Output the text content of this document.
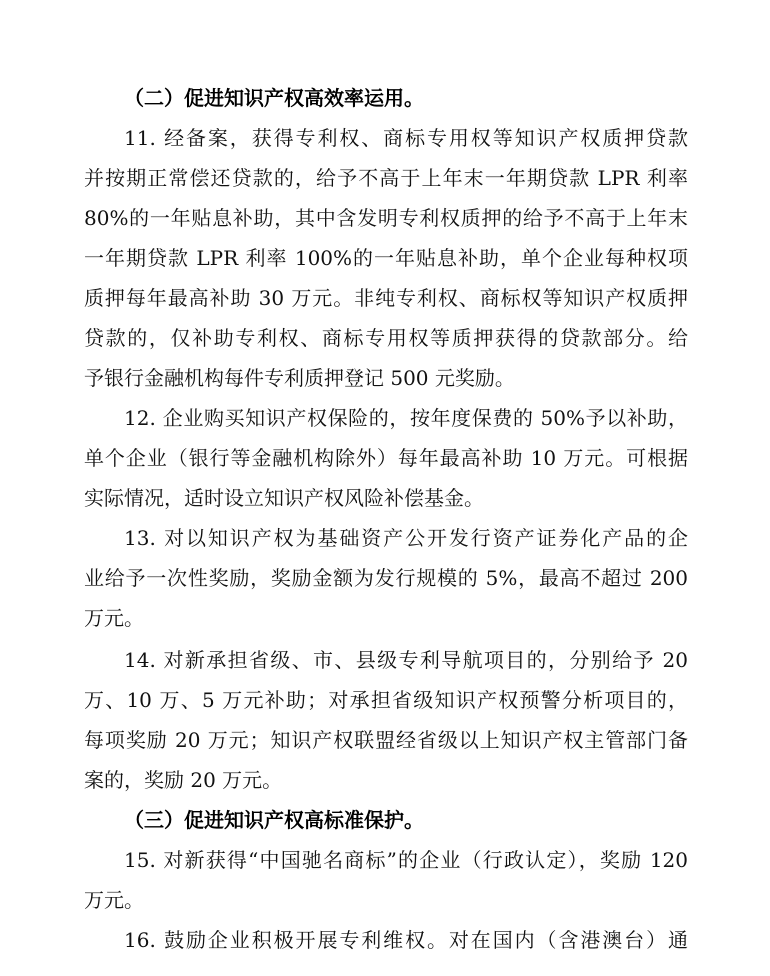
（二）促进知识产权高效率运用。
11. 经备案，获得专利权、商标专用权等知识产权质押贷款
并按期正常偿还贷款的，给予不高于上年末一年期贷款 LPR 利率
80%的一年贴息补助，其中含发明专利权质押的给予不高于上年末
一年期贷款 LPR 利率 100%的一年贴息补助，单个企业每种权项
质押每年最高补助 30 万元。非纯专利权、商标权等知识产权质押
贷款的，仅补助专利权、商标专用权等质押获得的贷款部分。给
予银行金融机构每件专利质押登记 500 元奖励。
12. 企业购买知识产权保险的，按年度保费的 50%予以补助，
单个企业（银行等金融机构除外）每年最高补助 10 万元。可根据
实际情况，适时设立知识产权风险补偿基金。
13. 对以知识产权为基础资产公开发行资产证券化产品的企
业给予一次性奖励，奖励金额为发行规模的 5%，最高不超过 200
万元。
14. 对新承担省级、市、县级专利导航项目的，分别给予 20
万、10 万、5 万元补助；对承担省级知识产权预警分析项目的，
每项奖励 20 万元；知识产权联盟经省级以上知识产权主管部门备
案的，奖励 20 万元。
（三）促进知识产权高标准保护。
15. 对新获得“中国驰名商标”的企业（行政认定），奖励 120
万元。
16. 鼓励企业积极开展专利维权。对在国内（含港澳台）通
